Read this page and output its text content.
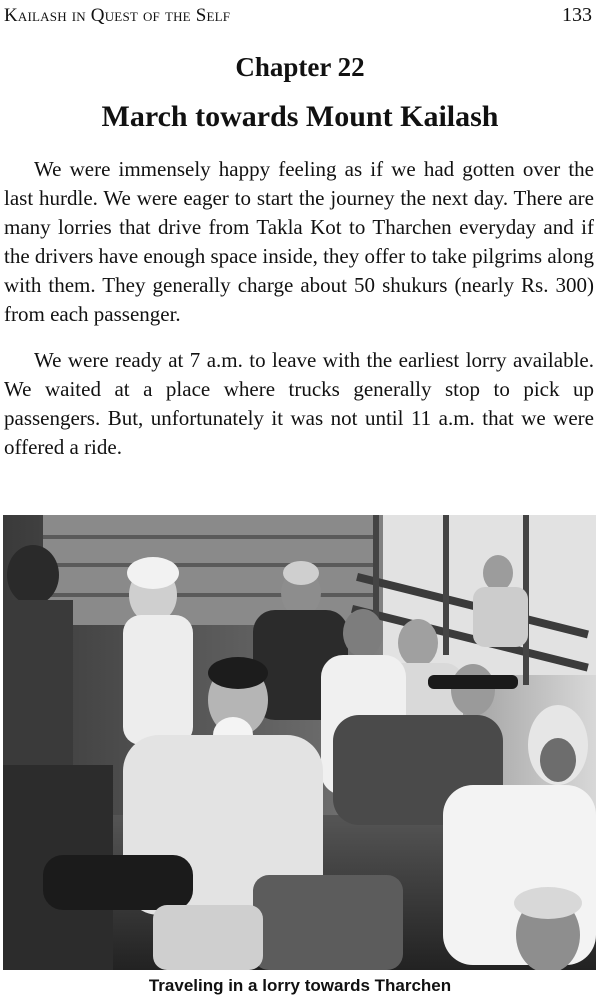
Kailash in Quest of the Self	133
Chapter 22
March towards Mount Kailash

We were immensely happy feeling as if we had gotten over the last hurdle. We were eager to start the journey the next day. There are many lorries that drive from Takla Kot to Tharchen everyday and if the drivers have enough space inside, they offer to take pilgrims along with them. They generally charge about 50 shukurs (nearly Rs. 300) from each passenger.

We were ready at 7 a.m. to leave with the earliest lorry available. We waited at a place where trucks generally stop to pick up passengers. But, unfortunately it was not until 11 a.m. that we were offered a ride.

Traveling in a lorry towards Tharchen
